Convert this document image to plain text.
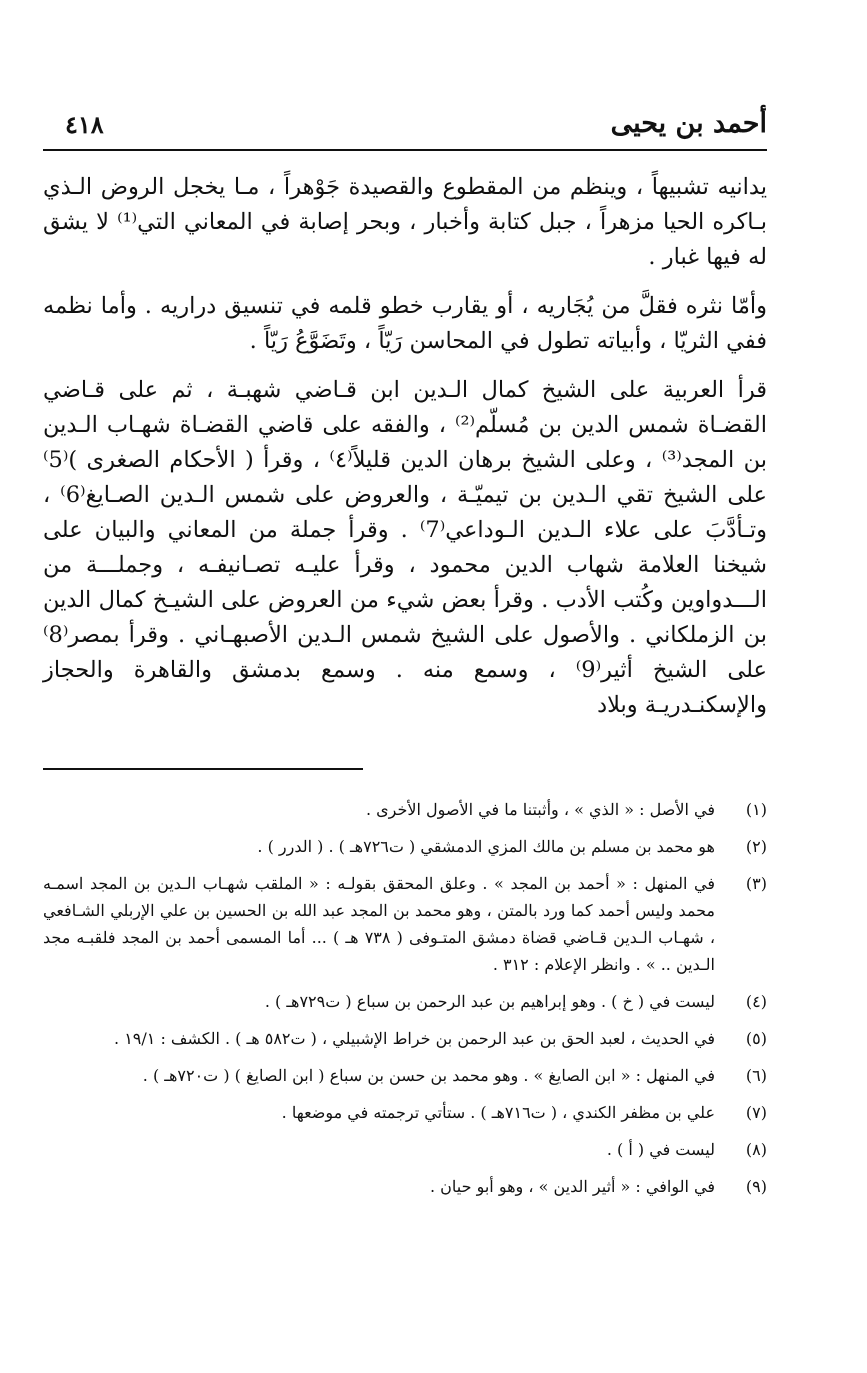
أحمد بن يحيى
٤١٨

يدانيه تشبيهاً ، وينظم من المقطوع والقصيدة جَوْهراً ، مـا يخجل الروض الـذي بـاكره الحيا مزهراً ، جبل كتابة وأخبار ، وبحر إصابة في المعاني التي⁽¹⁾ لا يشق له فيها غبار .

وأمّا نثره فقلَّ من يُجَاريه ، أو يقارب خطو قلمه في تنسيق دراريه . وأما نظمه ففي الثريّا ، وأبياته تطول في المحاسن رَيّاً ، وتَضَوَّعُ رَيّاً .

قرأ العربية على الشيخ كمال الـدين ابن قـاضي شهبـة ، ثم على قـاضي القضـاة شمس الدين بن مُسلّم⁽²⁾ ، والفقه على قاضي القضـاة شهـاب الـدين بن المجد⁽³⁾ ، وعلى الشيخ برهان الدين قليلاً⁽٤⁾ ، وقرأ ( الأحكام الصغرى )⁽5⁾ على الشيخ تقي الـدين بن تيميّـة ، والعروض على شمس الـدين الصـايغ⁽6⁾ ، وتـأدَّبَ على علاء الـدين الـوداعي⁽7⁾ . وقرأ جملة من المعاني والبيان على شيخنا العلامة شهاب الدين محمود ، وقرأ عليـه تصـانيفـه ، وجملـــة من الـــدواوين وكُتب الأدب . وقرأ بعض شيء من العروض على الشيـخ كمال الدين بن الزملكاني . والأصول على الشيخ شمس الـدين الأصبهـاني . وقرأ بمصر⁽8⁾ على الشيخ أثير⁽9⁾ ، وسمع منه . وسمع بدمشق والقاهرة والحجاز والإسكنـدريـة وبلاد

(١)
في الأصل : « الذي » ، وأثبتنا ما في الأصول الأخرى .
(٢)
هو محمد بن مسلم بن مالك المزي الدمشقي ( ت٧٢٦هـ ) . ( الدرر ) .
(٣)
في المنهل : « أحمد بن المجد » . وعلق المحقق بقولـه : « الملقب شهـاب الـدين بن المجد اسمـه محمد وليس أحمد كما ورد بالمتن ، وهو محمد بن المجد عبد الله بن الحسين بن علي الإربلي الشـافعي ، شهـاب الـدين قـاضي قضاة دمشق المتـوفى ( ٧٣٨ هـ ) ... أما المسمى أحمد بن المجد فلقبـه مجد الـدين .. » . وانظر الإعلام : ٣١٢ .
(٤)
ليست في ( خ ) . وهو إبراهيم بن عبد الرحمن بن سباع ( ت٧٢٩هـ ) .
(٥)
في الحديث ، لعبد الحق بن عبد الرحمن بن خراط الإشبيلي ، ( ت٥٨٢ هـ ) . الكشف : ١٩/١ .
(٦)
في المنهل : « ابن الصايغ » . وهو محمد بن حسن بن سباع ( ابن الصايغ ) ( ت٧٢٠هـ ) .
(٧)
علي بن مظفر الكندي ، ( ت٧١٦هـ ) . ستأتي ترجمته في موضعها .
(٨)
ليست في ( أ ) .
(٩)
في الوافي : « أثير الدين » ، وهو أبو حيان .
